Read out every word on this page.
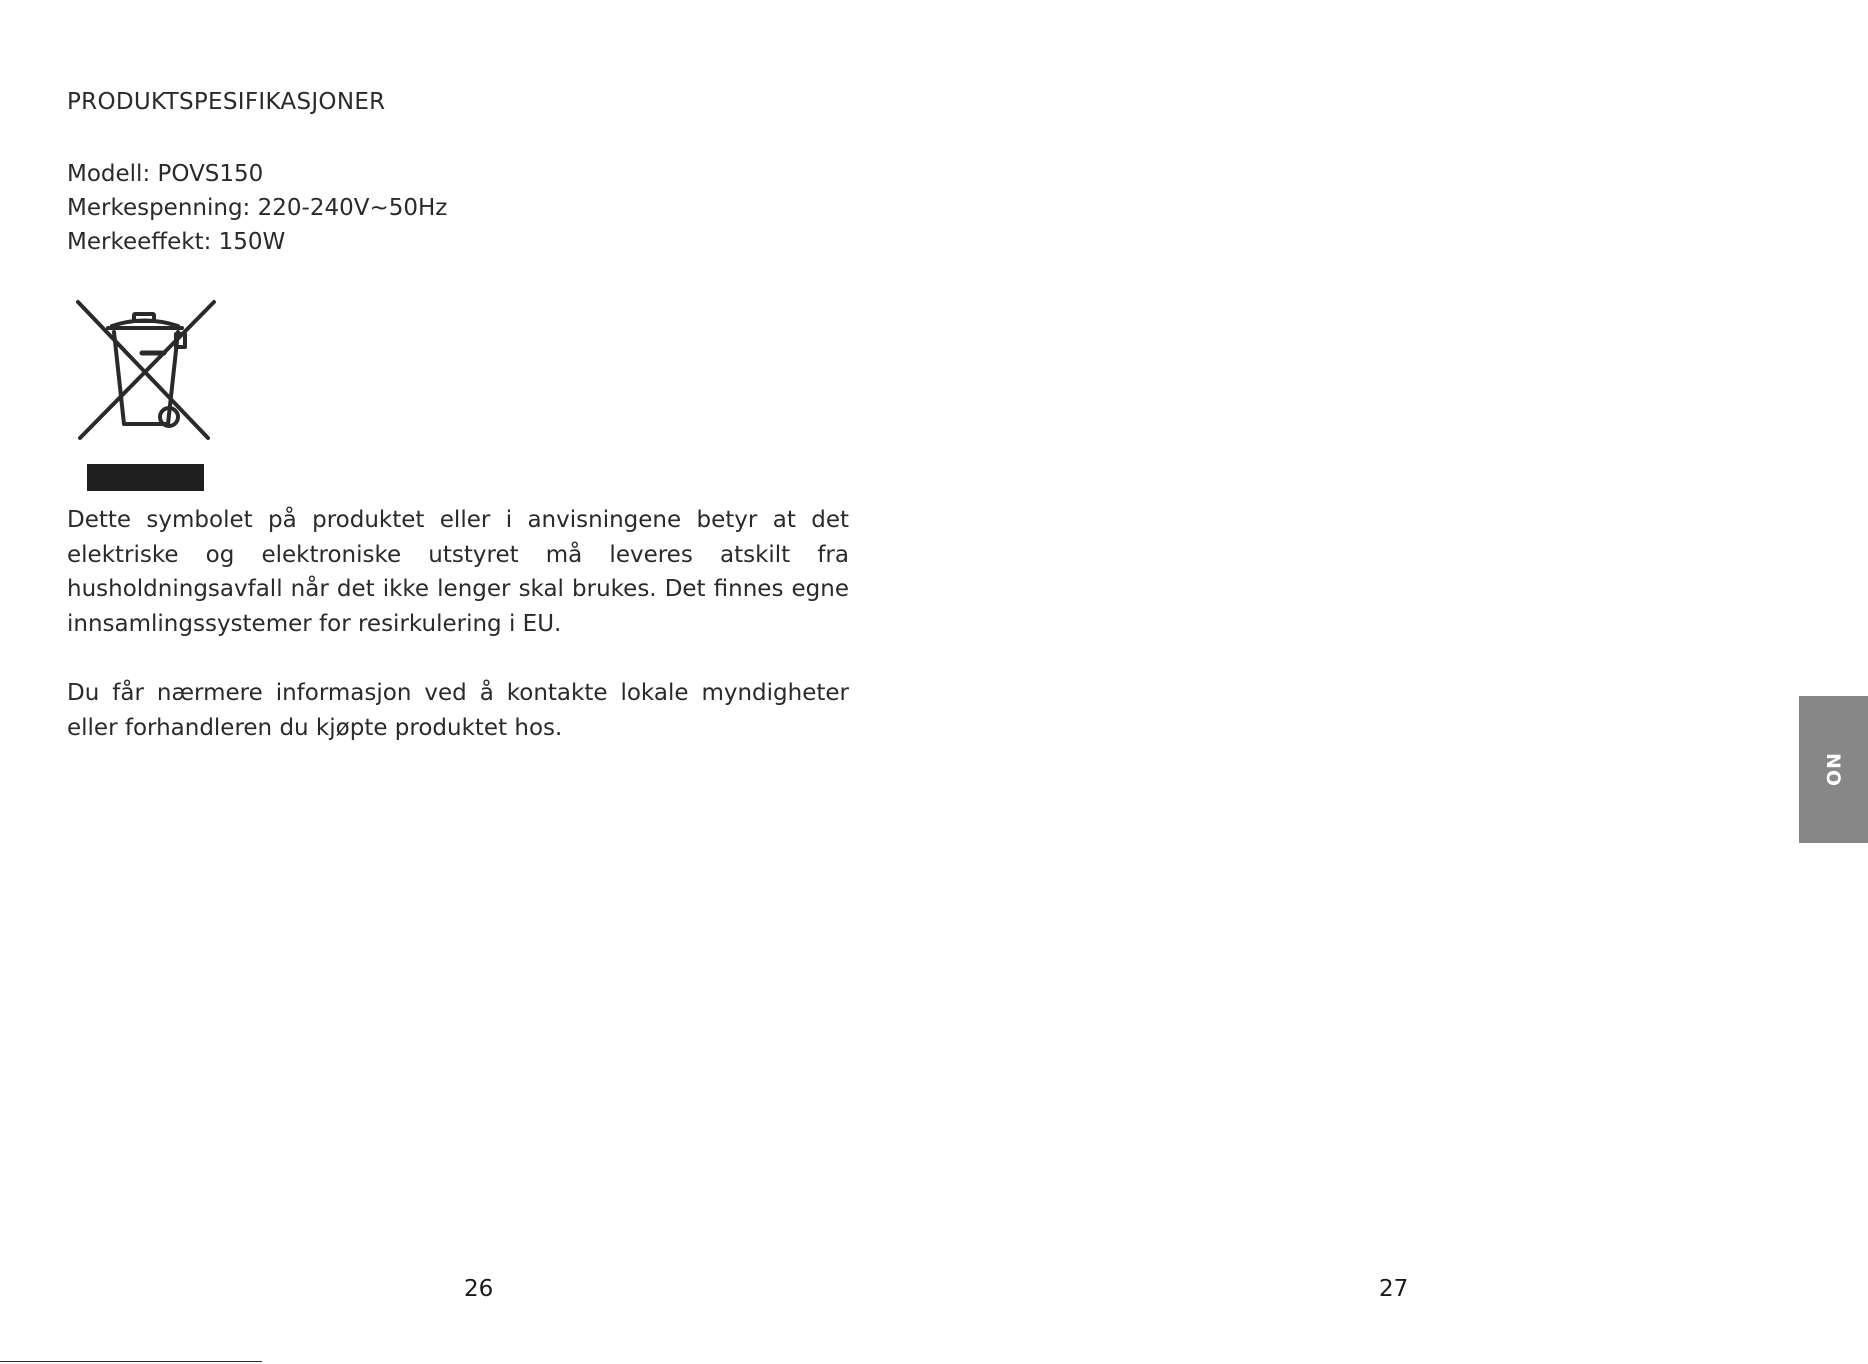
PRODUKTSPESIFIKASJONER
Modell: POVS150
Merkespenning: 220-240V~50Hz
Merkeeffekt: 150W

Dette symbolet på produktet eller i anvisningene betyr at det elektriske og elektroniske utstyret må leveres atskilt fra husholdningsavfall når det ikke lenger skal brukes. Det finnes egne innsamlingssystemer for resirkulering i EU.

Du får nærmere informasjon ved å kontakte lokale myndigheter eller forhandleren du kjøpte produktet hos.

26	27
NO
